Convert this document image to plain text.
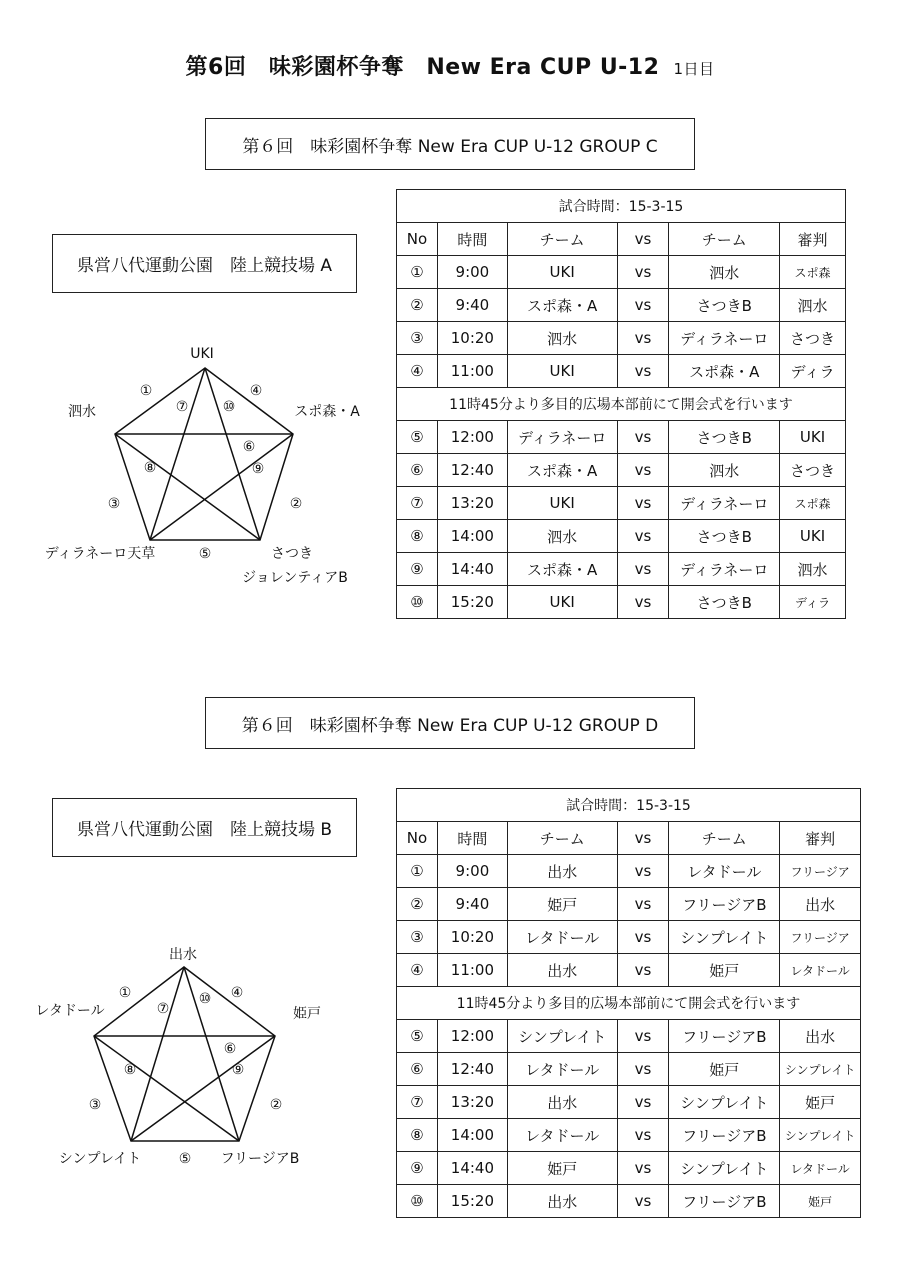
第6回　味彩園杯争奪　New Era CUP U-12 1日目
第６回　味彩園杯争奪 New Era CUP U-12 GROUP C
県営八代運動公園　陸上競技場 A
UKI
泗水	スポ森・A
ディラネーロ天草	さつき
ジョレンティアB
①
②
③
④
⑤
⑥
⑦
⑧	⑨
⑩
試合時間：15-3-15					
No	時間	チーム	vs	チーム	審判
①	9:00	UKI	vs	泗水	スポ森
②	9:40	スポ森・A	vs	さつきB	泗水
③	10:20	泗水	vs	ディラネーロ	さつき
④	11:00	UKI	vs	スポ森・A	ディラ
11時45分より多目的広場本部前にて開会式を行います					
⑤	12:00	ディラネーロ	vs	さつきB	UKI
⑥	12:40	スポ森・A	vs	泗水	さつき
⑦	13:20	UKI	vs	ディラネーロ	スポ森
⑧	14:00	泗水	vs	さつきB	UKI
⑨	14:40	スポ森・A	vs	ディラネーロ	泗水
⑩	15:20	UKI	vs	さつきB	ディラ
第６回　味彩園杯争奪 New Era CUP U-12 GROUP D
県営八代運動公園　陸上競技場 B
出水
レタドール	姫戸
シンプレイト	フリージアB
①
②
③
④
⑤
⑥
⑦
⑧	⑨
⑩
試合時間：15-3-15					
No	時間	チーム	vs	チーム	審判
①	9:00	出水	vs	レタドール	フリージア
②	9:40	姫戸	vs	フリージアB	出水
③	10:20	レタドール	vs	シンプレイト	フリージア
④	11:00	出水	vs	姫戸	レタドール
11時45分より多目的広場本部前にて開会式を行います					
⑤	12:00	シンプレイト	vs	フリージアB	出水
⑥	12:40	レタドール	vs	姫戸	シンプレイト
⑦	13:20	出水	vs	シンプレイト	姫戸
⑧	14:00	レタドール	vs	フリージアB	シンプレイト
⑨	14:40	姫戸	vs	シンプレイト	レタドール
⑩	15:20	出水	vs	フリージアB	姫戸
